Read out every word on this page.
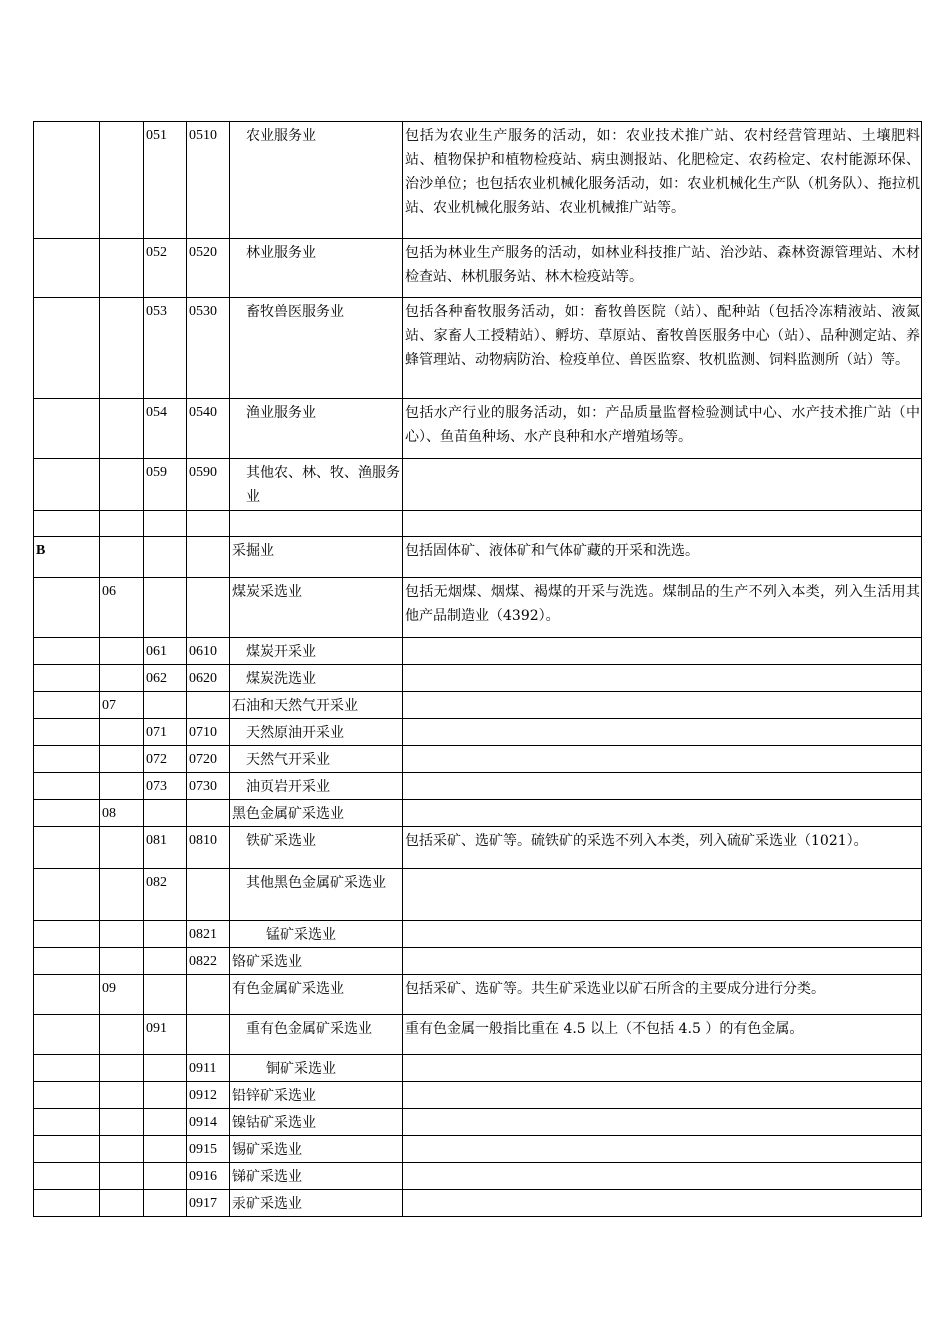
		051	0510	农业服务业	包括为农业生产服务的活动，如：农业技术推广站、农村经营管理站、土壤肥料站、植物保护和植物检疫站、病虫测报站、化肥检定、农药检定、农村能源环保、治沙单位；也包括农业机械化服务活动，如：农业机械化生产队（机务队）、拖拉机站、农业机械化服务站、农业机械推广站等。
		052	0520	林业服务业	包括为林业生产服务的活动，如林业科技推广站、治沙站、森林资源管理站、木材检查站、林机服务站、林木检疫站等。
		053	0530	畜牧兽医服务业	包括各种畜牧服务活动，如：畜牧兽医院（站）、配种站（包括冷冻精液站、液氮站、家畜人工授精站）、孵坊、草原站、畜牧兽医服务中心（站）、品种测定站、养蜂管理站、动物病防治、检疫单位、兽医监察、牧机监测、饲料监测所（站）等。
		054	0540	渔业服务业	包括水产行业的服务活动，如：产品质量监督检验测试中心、水产技术推广站（中心）、鱼苗鱼种场、水产良种和水产增殖场等。
		059	0590	其他农、林、牧、渔服务业	

B				采掘业	包括固体矿、液体矿和气体矿藏的开采和洗选。
	06			煤炭采选业	包括无烟煤、烟煤、褐煤的开采与洗选。煤制品的生产不列入本类，列入生活用其他产品制造业（4392）。
		061	0610	煤炭开采业	
		062	0620	煤炭洗选业	
	07			石油和天然气开采业	
		071	0710	天然原油开采业	
		072	0720	天然气开采业	
		073	0730	油页岩开采业	
	08			黑色金属矿采选业	
		081	0810	铁矿采选业	包括采矿、选矿等。硫铁矿的采选不列入本类，列入硫矿采选业（1021）。
		082		其他黑色金属矿采选业	
			0821	锰矿采选业	
			0822	铬矿采选业	
	09			有色金属矿采选业	包括采矿、选矿等。共生矿采选业以矿石所含的主要成分进行分类。
		091		重有色金属矿采选业	重有色金属一般指比重在 4.5 以上（不包括 4.5 ）的有色金属。
			0911	铜矿采选业	
			0912	铅锌矿采选业	
			0914	镍钴矿采选业	
			0915	锡矿采选业	
			0916	锑矿采选业	
			0917	汞矿采选业	
